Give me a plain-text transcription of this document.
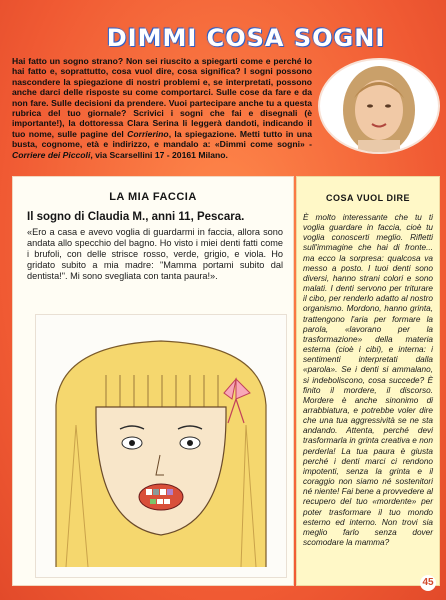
DIMMI COSA SOGNI
Hai fatto un sogno strano? Non sei riuscito a spiegarti come e perché lo hai fatto e, soprattutto, cosa vuol dire, cosa significa? I sogni possono nascondere la spiegazione di nostri problemi e, se interpretati, possono anche darci delle risposte su come comportarci. Sulle cose da fare e da non fare. Sulle decisioni da prendere. Vuoi partecipare anche tu a questa rubrica del tuo giornale? Scrivici i sogni che fai e disegnali (è importante!), la dottoressa Clara Serina li leggerà dandoti, indicando il tuo nome, sulle pagine del Corrierino, la spiegazione. Metti tutto in una busta, cognome, età e indirizzo, e mandalo a: «Dimmi come sogni» - Corriere dei Piccoli, via Scarsellini 17 - 20161 Milano.
LA MIA FACCIA
Il sogno di Claudia M., anni 11, Pescara.
«Ero a casa e avevo voglia di guardarmi in faccia, allora sono andata allo specchio del bagno. Ho visto i miei denti fatti come i brufoli, con delle strisce rosso, verde, grigio, e viola. Ho gridato subito a mia madre: "Mamma portami subito dal dentista!". Mi sono svegliata con tanta paura!».
COSA VUOL DIRE
È molto interessante che tu ti voglia guardare in faccia, cioè tu voglia conoscerti meglio. Rifletti sull'immagine che hai di fronte... ma ecco la sorpresa: qualcosa va messo a posto. I tuoi denti sono diversi, hanno strani colori e sono malati. I denti servono per triturare il cibo, per renderlo adatto al nostro organismo. Mordono, hanno grinta, trattengono l'aria per formare la parola, «lavorano per la trasformazione» della materia esterna (cioè i cibi), e interna: i sentimenti interpretati dalla «parola». Se i denti si ammalano, si indeboliscono, cosa succede? È finito il morderе, il discorso. Mordere è anche sinonimo di arrabbiatura, e potrebbe voler dire che una tua aggressività se ne sta andando. Attenta, perché devi trasformarla in grinta creativa e non perderla! La tua paura è giusta perché i denti marci ci rendono impotenti, senza la grinta e il coraggio non siamo né sostenitori né niente! Fai bene a provvedere al recupero del tuo «mordente» per poter trasformare il tuo mondo esterno ed interno. Non trovi sia meglio farlo senza dover scomodare la mamma?
45
